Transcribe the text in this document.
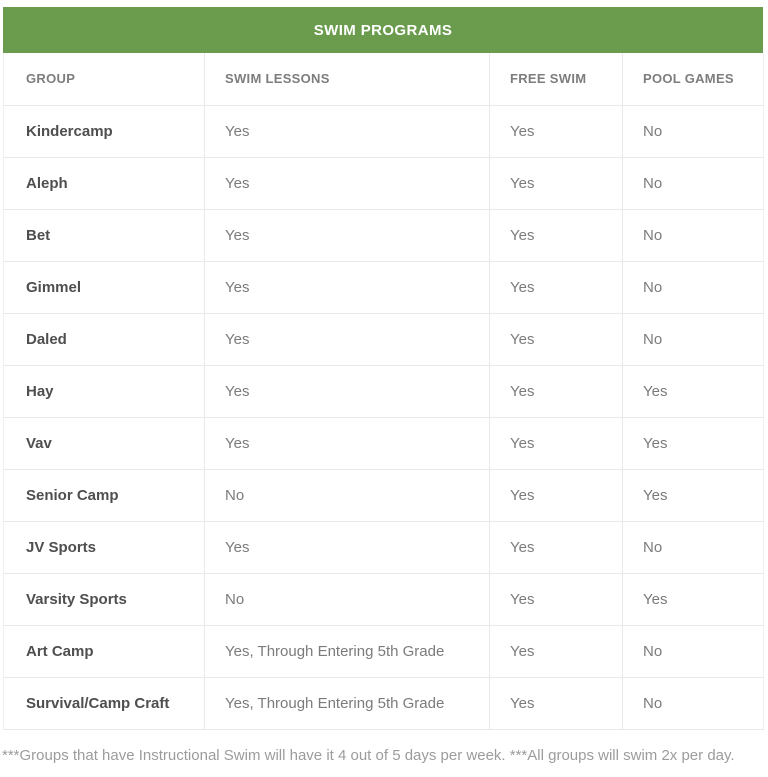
SWIM PROGRAMS
GROUP	SWIM LESSONS	FREE SWIM	POOL GAMES
Kindercamp	Yes	Yes	No
Aleph	Yes	Yes	No
Bet	Yes	Yes	No
Gimmel	Yes	Yes	No
Daled	Yes	Yes	No
Hay	Yes	Yes	Yes
Vav	Yes	Yes	Yes
Senior Camp	No	Yes	Yes
JV Sports	Yes	Yes	No
Varsity Sports	No	Yes	Yes
Art Camp	Yes, Through Entering 5th Grade	Yes	No
Survival/Camp Craft	Yes, Through Entering 5th Grade	Yes	No
***Groups that have Instructional Swim will have it 4 out of 5 days per week. ***All groups will swim 2x per day.
